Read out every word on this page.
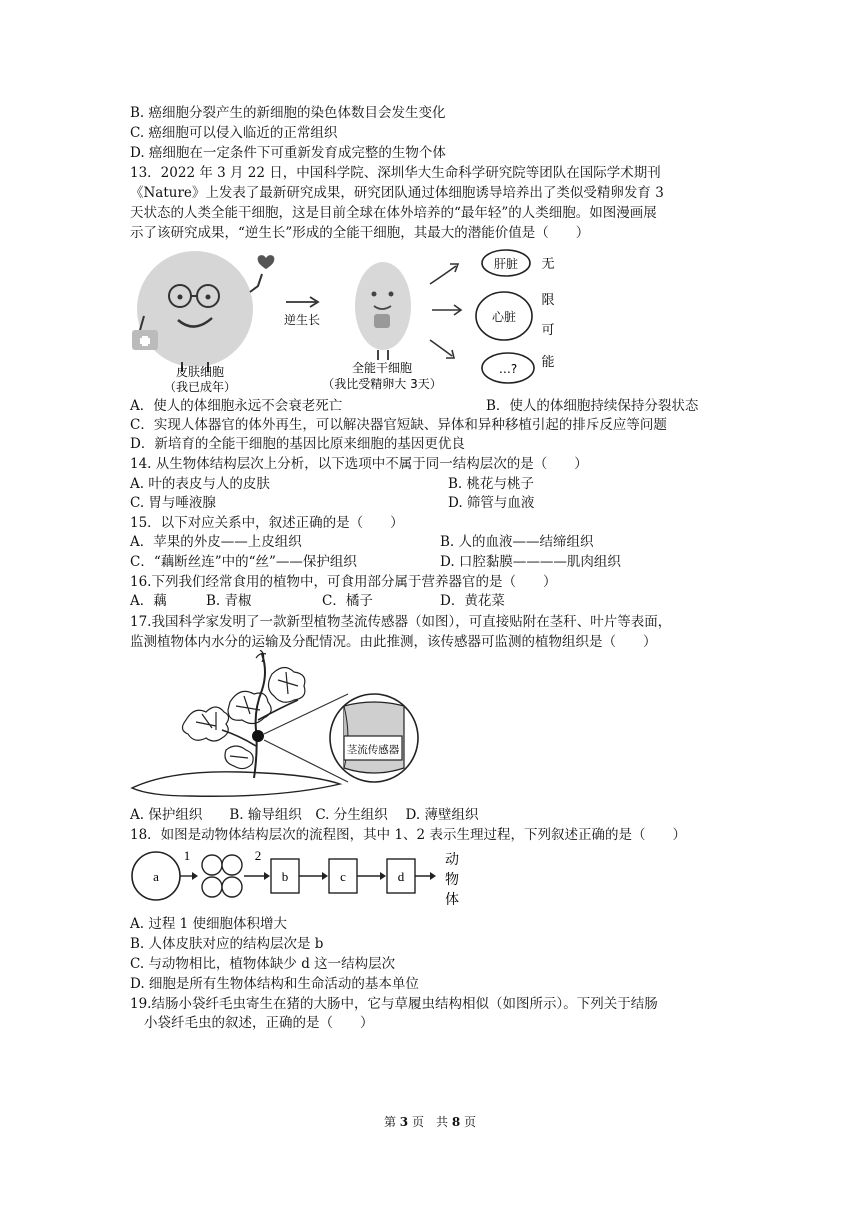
B. 癌细胞分裂产生的新细胞的染色体数目会发生变化
C. 癌细胞可以侵入临近的正常组织
D. 癌细胞在一定条件下可重新发育成完整的生物个体
13．2022 年 3 月 22 日，中国科学院、深圳华大生命科学研究院等团队在国际学术期刊
《Nature》上发表了最新研究成果，研究团队通过体细胞诱导培养出了类似受精卵发育 3
天状态的人类全能干细胞，这是目前全球在体外培养的“最年轻”的人类细胞。如图漫画展
示了该研究成果，“逆生长”形成的全能干细胞，其最大的潜能价值是（　　）
皮肤细胞
（我已成年）
逆生长
全能干细胞
（我比受精卵大 3天）
肝脏
心脏
…?
无
限
可
能
A．使人的体细胞永远不会衰老死亡	B．使人的体细胞持续保持分裂状态
C．实现人体器官的体外再生，可以解决器官短缺、异体和异种移植引起的排斥反应等问题
D．新培育的全能干细胞的基因比原来细胞的基因更优良
14. 从生物体结构层次上分析，以下选项中不属于同一结构层次的是（　　）
A. 叶的表皮与人的皮肤	B. 桃花与桃子
C. 胃与唾液腺	D. 筛管与血液
15．以下对应关系中，叙述正确的是（　　）
A．苹果的外皮——上皮组织	B. 人的血液——结缔组织
C．“藕断丝连”中的“丝”——保护组织	D. 口腔黏膜————肌肉组织
16.下列我们经常食用的植物中，可食用部分属于营养器官的是（　　）
A．藕	B. 青椒	C．橘子	D．黄花菜
17.我国科学家发明了一款新型植物茎流传感器（如图），可直接贴附在茎秆、叶片等表面，
监测植物体内水分的运输及分配情况。由此推测，该传感器可监测的植物组织是（　　）
茎流传感器
A. 保护组织　　B. 输导组织　C. 分生组织　 D. 薄壁组织
18．如图是动物体结构层次的流程图，其中 1、2 表示生理过程，下列叙述正确的是（　　）
a
1	2
b	c	d
动
物
体
A. 过程 1 使细胞体积增大
B. 人体皮肤对应的结构层次是 b
C. 与动物相比，植物体缺少 d 这一结构层次
D. 细胞是所有生物体结构和生命活动的基本单位
19.结肠小袋纤毛虫寄生在猪的大肠中，它与草履虫结构相似（如图所示）。下列关于结肠
小袋纤毛虫的叙述，正确的是（　　）
第 3 页　共 8 页
